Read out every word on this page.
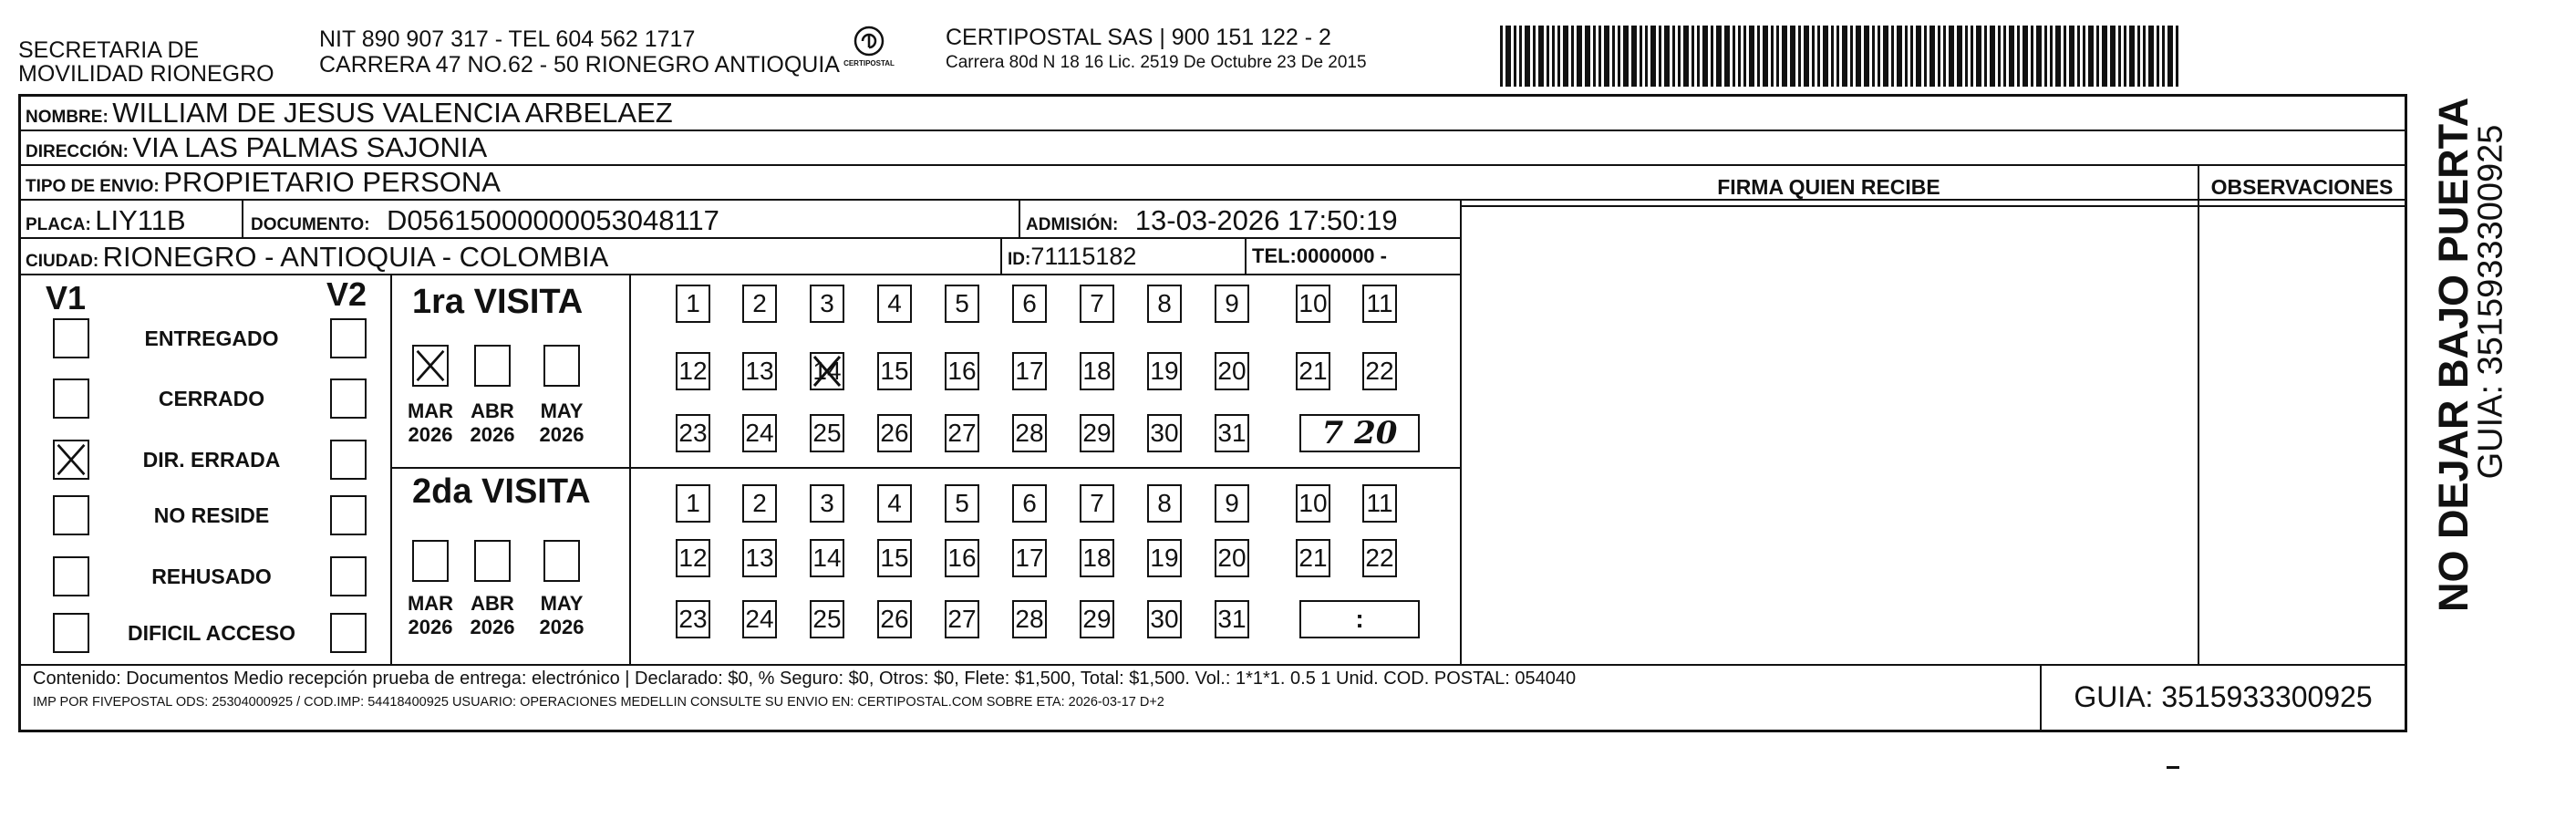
SECRETARIA DE
MOVILIDAD RIONEGRO
NIT 890 907 317 - TEL 604 562 1717
CARRERA 47 NO.62 - 50 RIONEGRO ANTIOQUIA CERTIPOSTAL
CERTIPOSTAL SAS | 900 151 122 - 2
Carrera 80d N 18 16 Lic. 2519 De Octubre 23 De 2015
NOMBRE: WILLIAM DE JESUS VALENCIA ARBELAEZ
DIRECCIÓN: VIA LAS PALMAS SAJONIA
TIPO DE ENVIO: PROPIETARIO PERSONA	FIRMA QUIEN RECIBE	OBSERVACIONES
PLACA: LIY11B	DOCUMENTO: D05615000000053048117	ADMISIÓN: 13-03-2026 17:50:19
CIUDAD: RIONEGRO - ANTIOQUIA - COLOMBIA	ID:71115182	TEL:0000000 -
V1	V2
ENTREGADO
CERRADO
DIR. ERRADA
NO RESIDE
REHUSADO
DIFICIL ACCESO
1ra VISITA
2da VISITA
MAR
2026
ABR
2026
MAY
2026
1	2	3	4	5	6	7	8	9	10 11
12 13 14 15 16 17 18 19 20 21 22
23 24 25 26 27 28 29 30 31	7 20
MAR
2026
ABR
2026
MAY
2026
1	2	3	4	5	6	7	8	9	10 11
12 13 14 15 16 17 18 19 20 21 22
23 24 25 26 27 28 29 30 31	:
Contenido: Documentos Medio recepción prueba de entrega: electrónico | Declarado: $0, % Seguro: $0, Otros: $0, Flete: $1,500, Total: $1,500. Vol.: 1*1*1. 0.5 1 Unid. COD. POSTAL: 054040
IMP POR FIVEPOSTAL ODS: 25304000925 / COD.IMP: 54418400925 USUARIO: OPERACIONES MEDELLIN CONSULTE SU ENVIO EN: CERTIPOSTAL.COM SOBRE ETA: 2026-03-17 D+2	GUIA: 3515933300925
NO DEJAR BAJO PUERTA
GUIA: 3515933300925
